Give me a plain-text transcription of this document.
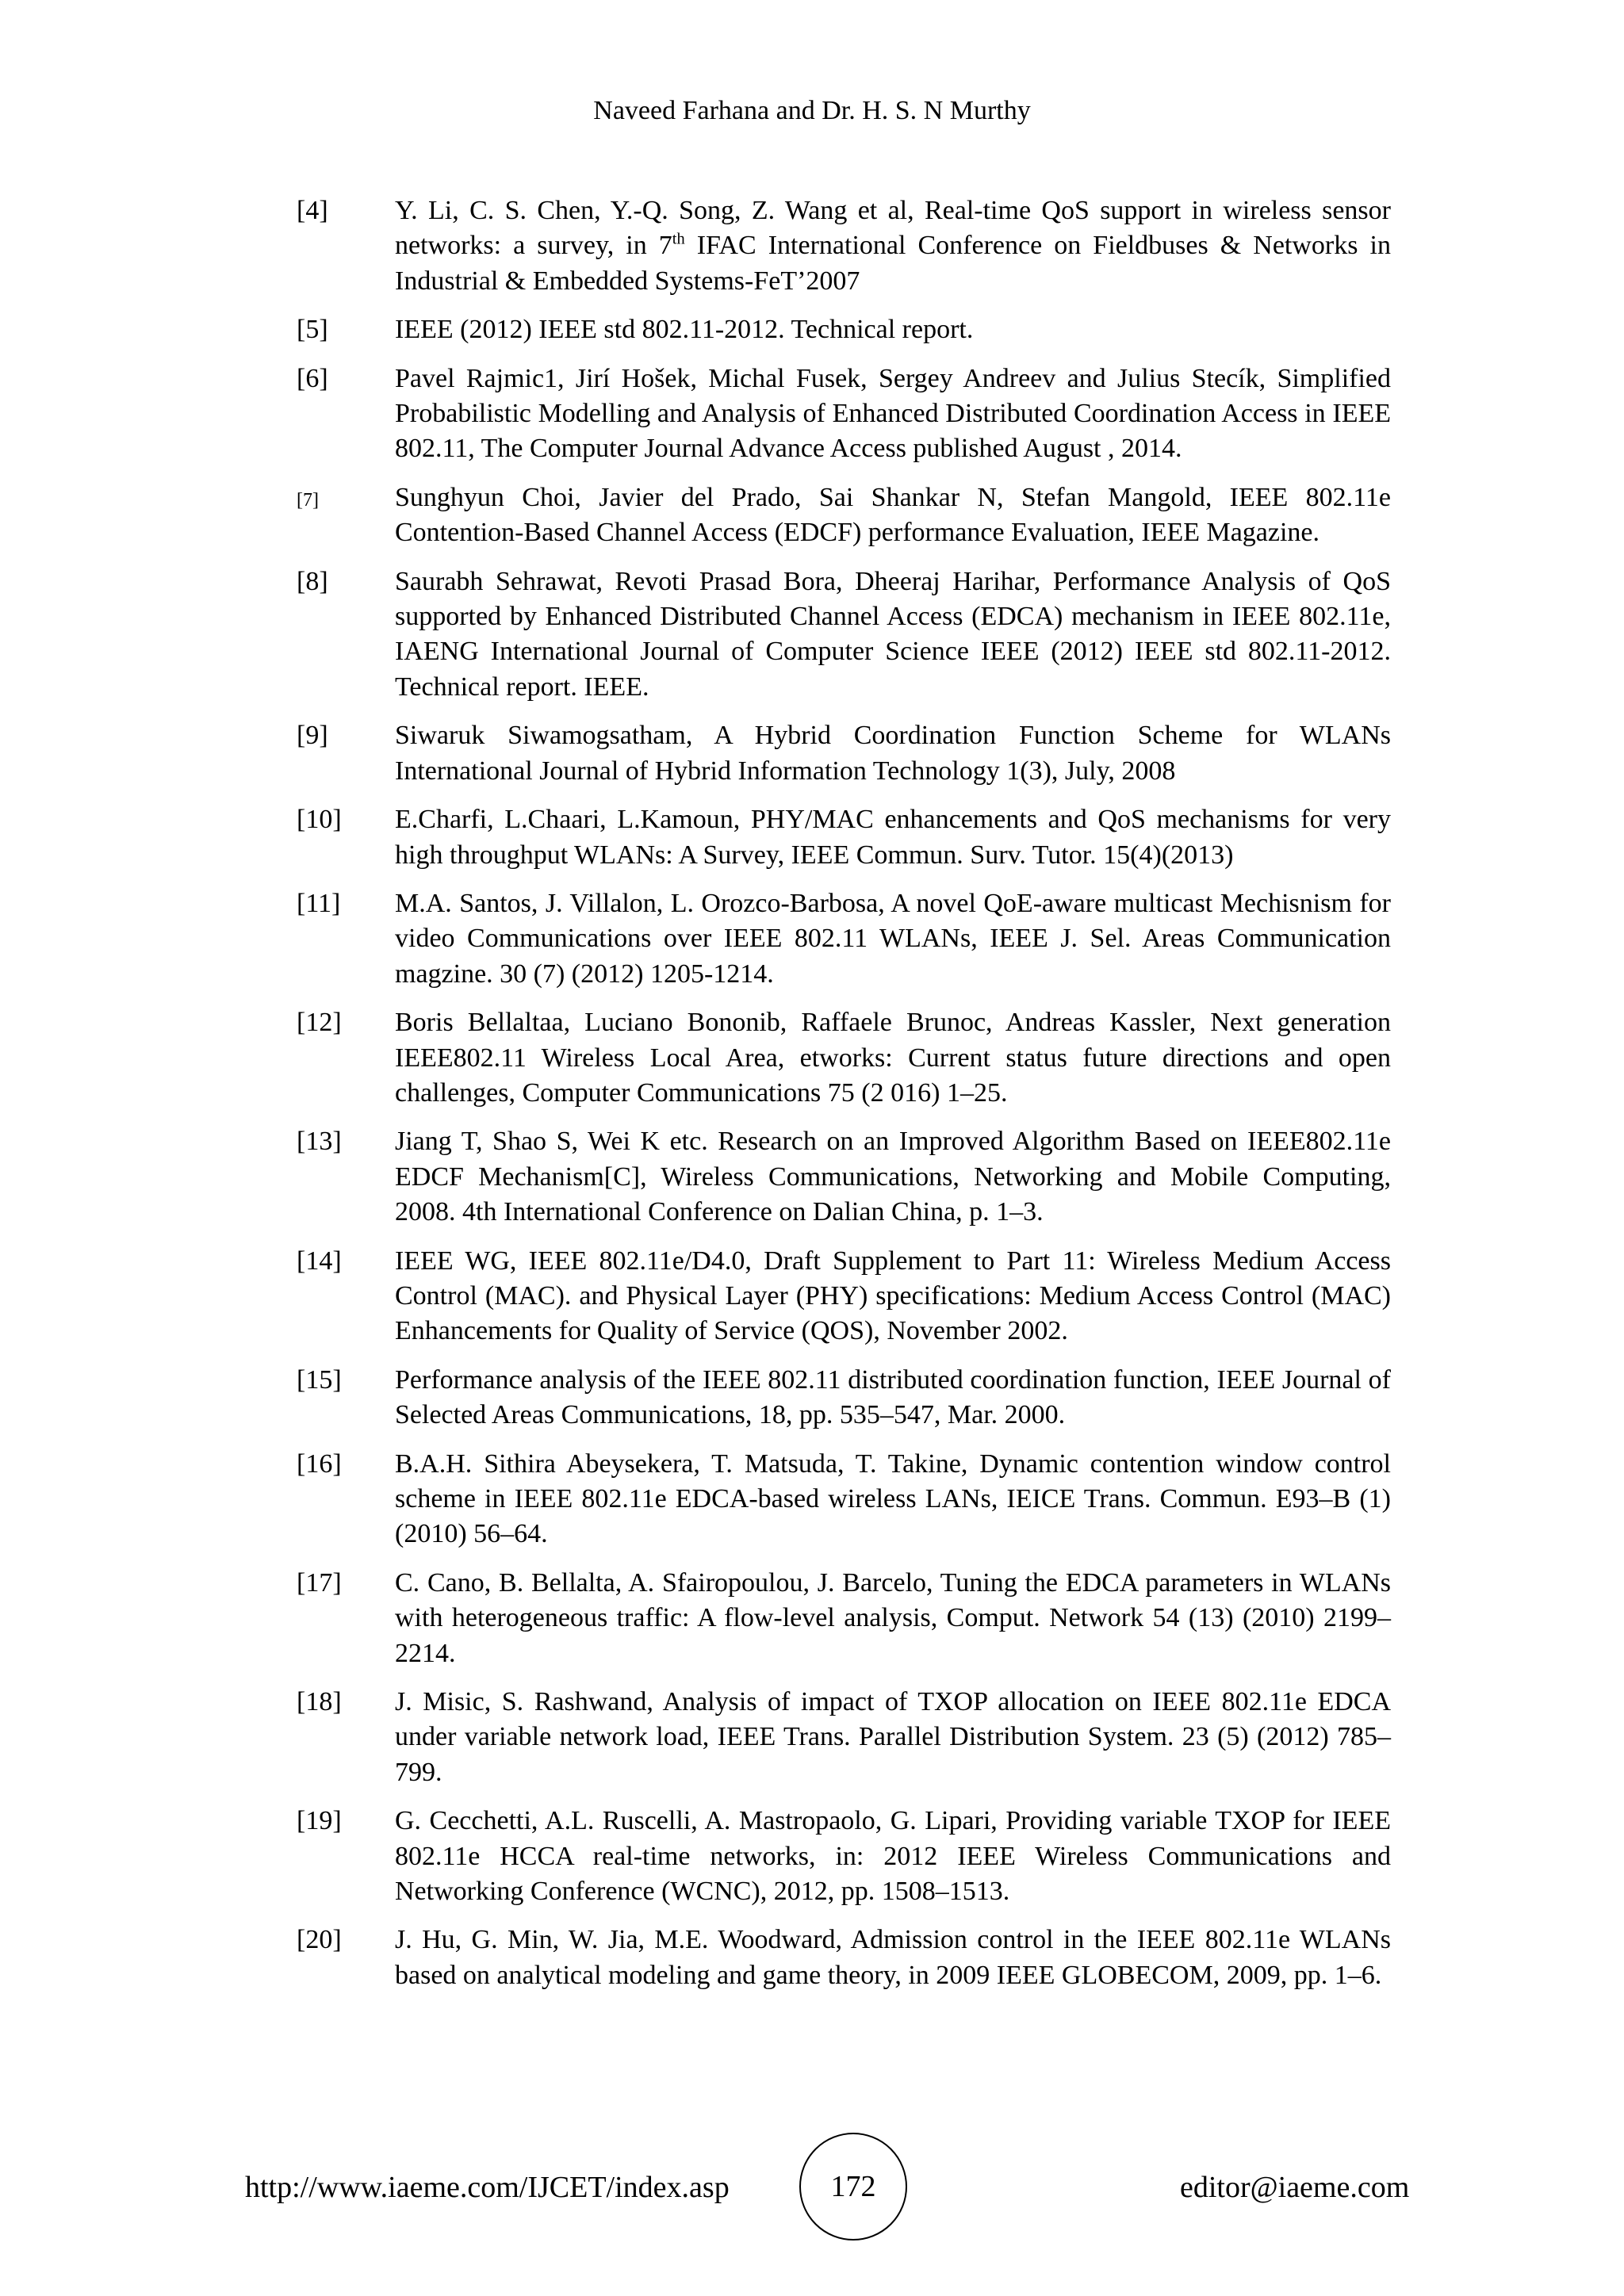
Naveed Farhana and Dr. H. S. N Murthy
[4] Y. Li, C. S. Chen, Y.-Q. Song, Z. Wang et al, Real-time QoS support in wireless sensor networks: a survey, in 7th IFAC International Conference on Fieldbuses & Networks in Industrial & Embedded Systems-FeT’2007
[5] IEEE (2012) IEEE std 802.11-2012. Technical report.
[6] Pavel Rajmic1, Jirí Hošek, Michal Fusek, Sergey Andreev and Julius Stecík, Simplified Probabilistic Modelling and Analysis of Enhanced Distributed Coordination Access in IEEE 802.11, The Computer Journal Advance Access published August , 2014.
[7]	Sunghyun Choi, Javier del Prado, Sai Shankar N, Stefan Mangold, IEEE 802.11e Contention-Based Channel Access (EDCF) performance Evaluation, IEEE Magazine.
[8] Saurabh Sehrawat, Revoti Prasad Bora, Dheeraj Harihar, Performance Analysis of QoS supported by Enhanced Distributed Channel Access (EDCA) mechanism in IEEE 802.11e, IAENG International Journal of Computer Science IEEE (2012) IEEE std 802.11-2012. Technical report. IEEE.
[9] Siwaruk Siwamogsatham, A Hybrid Coordination Function Scheme for WLANs International Journal of Hybrid Information Technology 1(3), July, 2008
[10] E.Charfi, L.Chaari, L.Kamoun, PHY/MAC enhancements and QoS mechanisms for very high throughput WLANs: A Survey, IEEE Commun. Surv. Tutor. 15(4)(2013)
[11] M.A. Santos, J. Villalon, L. Orozco-Barbosa, A novel QoE-aware multicast Mechisnism for video Communications over IEEE 802.11 WLANs, IEEE J. Sel. Areas Communication magzine. 30 (7) (2012) 1205-1214.
[12] Boris Bellaltaa, Luciano Bononib, Raffaele Brunoc, Andreas Kassler, Next generation IEEE802.11 Wireless Local Area, etworks: Current status future directions and open challenges, Computer Communications 75 (2 016) 1–25.
[13] Jiang T, Shao S, Wei K etc. Research on an Improved Algorithm Based on IEEE802.11e EDCF Mechanism[C], Wireless Communications, Networking and Mobile Computing, 2008. 4th International Conference on Dalian China, p. 1–3.
[14] IEEE WG, IEEE 802.11e/D4.0, Draft Supplement to Part 11: Wireless Medium Access Control (MAC). and Physical Layer (PHY) specifications: Medium Access Control (MAC) Enhancements for Quality of Service (QOS), November 2002.
[15] Performance analysis of the IEEE 802.11 distributed coordination function, IEEE Journal of Selected Areas Communications, 18, pp. 535–547, Mar. 2000.
[16] B.A.H. Sithira Abeysekera, T. Matsuda, T. Takine, Dynamic contention window control scheme in IEEE 802.11e EDCA-based wireless LANs, IEICE Trans. Commun. E93–B (1) (2010) 56–64.
[17] C. Cano, B. Bellalta, A. Sfairopoulou, J. Barcelo, Tuning the EDCA parameters in WLANs with heterogeneous traffic: A flow-level analysis, Comput. Network 54 (13) (2010) 2199–2214.
[18] J. Misic, S. Rashwand, Analysis of impact of TXOP allocation on IEEE 802.11e EDCA under variable network load, IEEE Trans. Parallel Distribution System. 23 (5) (2012) 785–799.
[19] G. Cecchetti, A.L. Ruscelli, A. Mastropaolo, G. Lipari, Providing variable TXOP for IEEE 802.11e HCCA real-time networks, in: 2012 IEEE Wireless Communications and Networking Conference (WCNC), 2012, pp. 1508–1513.
[20] J. Hu, G. Min, W. Jia, M.E. Woodward, Admission control in the IEEE 802.11e WLANs based on analytical modeling and game theory, in 2009 IEEE GLOBECOM, 2009, pp. 1–6.
http://www.iaeme.com/IJCET/index.asp	172	editor@iaeme.com
